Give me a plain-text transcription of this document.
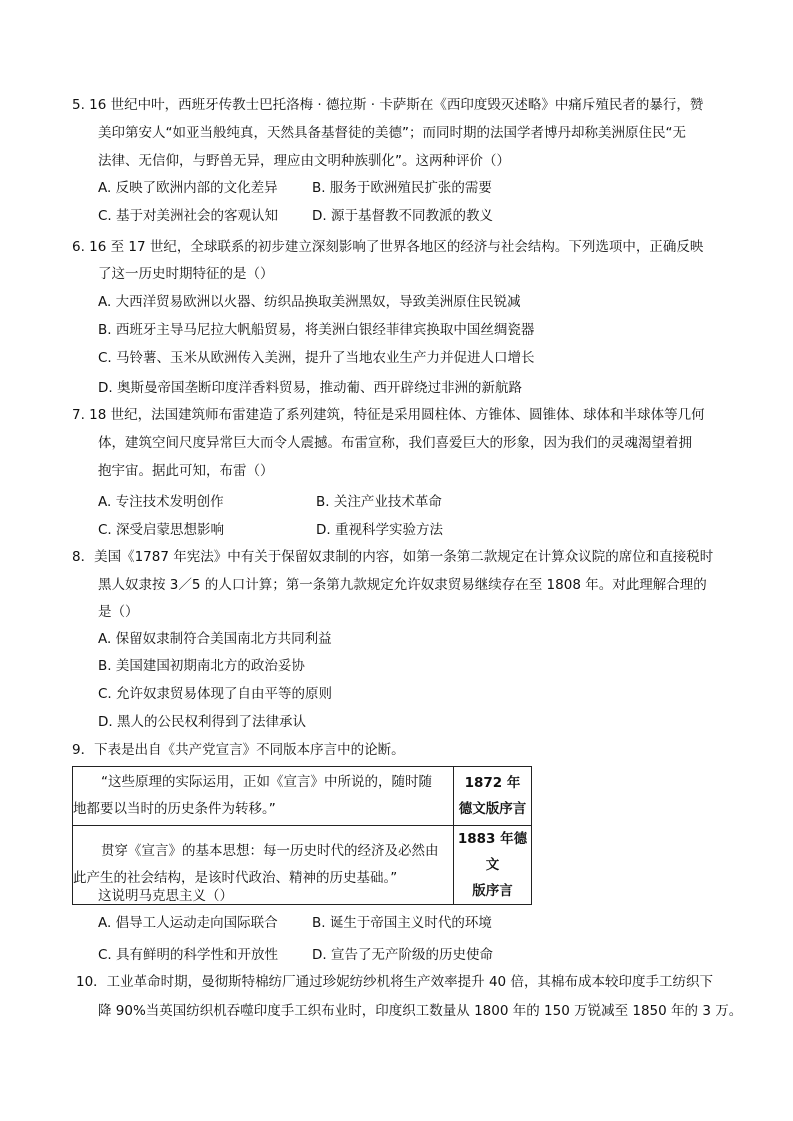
5. 16 世纪中叶，西班牙传教士巴托洛梅 · 德拉斯 · 卡萨斯在《西印度毁灭述略》中痛斥殖民者的暴行，赞
美印第安人“如亚当般纯真，天然具备基督徒的美德”；而同时期的法国学者博丹却称美洲原住民“无
法律、无信仰，与野兽无异，理应由文明种族驯化”。这两种评价（）
A. 反映了欧洲内部的文化差异	B. 服务于欧洲殖民扩张的需要
C. 基于对美洲社会的客观认知	D. 源于基督教不同教派的教义
6. 16 至 17 世纪，全球联系的初步建立深刻影响了世界各地区的经济与社会结构。下列选项中，正确反映
了这一历史时期特征的是（）
A. 大西洋贸易欧洲以火器、纺织品换取美洲黑奴，导致美洲原住民锐减
B. 西班牙主导马尼拉大帆船贸易，将美洲白银经菲律宾换取中国丝绸瓷器
C. 马铃薯、玉米从欧洲传入美洲，提升了当地农业生产力并促进人口增长
D. 奥斯曼帝国垄断印度洋香料贸易，推动葡、西开辟绕过非洲的新航路
7. 18 世纪，法国建筑师布雷建造了系列建筑，特征是采用圆柱体、方锥体、圆锥体、球体和半球体等几何
体，建筑空间尺度异常巨大而令人震撼。布雷宣称，我们喜爱巨大的形象，因为我们的灵魂渴望着拥
抱宇宙。据此可知，布雷（）
A. 专注技术发明创作	B. 关注产业技术革命
C. 深受启蒙思想影响	D. 重视科学实验方法
8．美国《1787 年宪法》中有关于保留奴隶制的内容，如第一条第二款规定在计算众议院的席位和直接税时
黑人奴隶按 3／5 的人口计算；第一条第九款规定允许奴隶贸易继续存在至 1808 年。对此理解合理的
是（）
A. 保留奴隶制符合美国南北方共同利益
B. 美国建国初期南北方的政治妥协
C. 允许奴隶贸易体现了自由平等的原则
D. 黑人的公民权利得到了法律承认
9．下表是出自《共产党宣言》不同版本序言中的论断。
“这些原理的实际运用，正如《宣言》中所说的，随时随
地都要以当时的历史条件为转移。”	1872 年
德文版序言

贯穿《宣言》的基本思想：每一历史时代的经济及必然由
此产生的社会结构，是该时代政治、精神的历史基础。”	1883 年德文
版序言
这说明马克思主义（）
A. 倡导工人运动走向国际联合	B. 诞生于帝国主义时代的环境
C. 具有鲜明的科学性和开放性	D. 宣告了无产阶级的历史使命
10．工业革命时期，曼彻斯特棉纺厂通过珍妮纺纱机将生产效率提升 40 倍，其棉布成本较印度手工纺织下
降 90%当英国纺织机吞噬印度手工织布业时，印度织工数量从 1800 年的 150 万锐减至 1850 年的 3 万。
